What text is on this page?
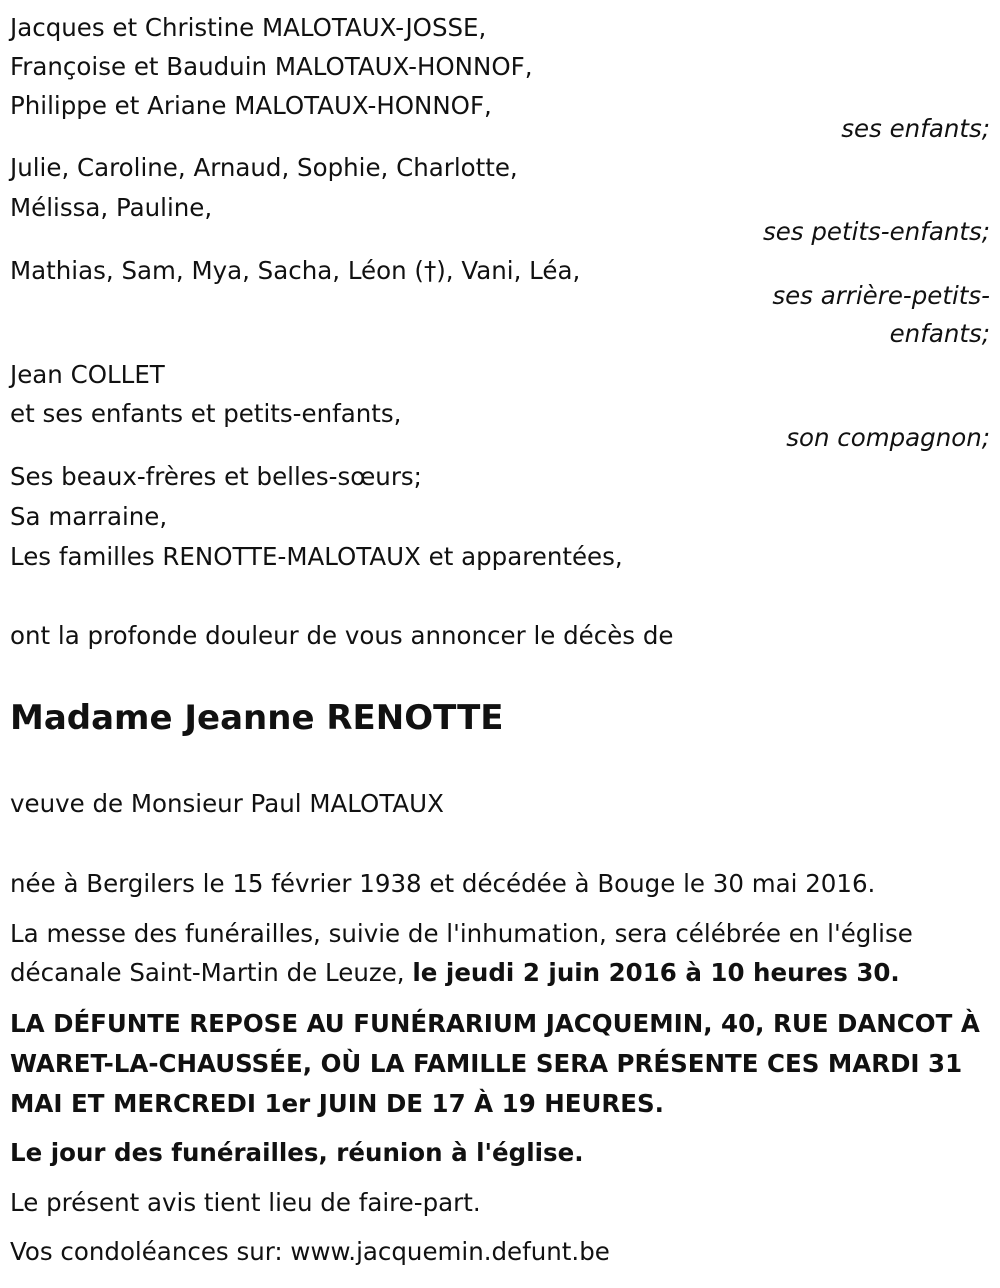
Jacques et Christine MALOTAUX-JOSSE,
Françoise et Bauduin MALOTAUX-HONNOF,
Philippe et Ariane MALOTAUX-HONNOF,
ses enfants;
Julie, Caroline, Arnaud, Sophie, Charlotte,
Mélissa, Pauline,
ses petits-enfants;
Mathias, Sam, Mya, Sacha, Léon (†), Vani, Léa,
ses arrière-petits-
enfants;
Jean COLLET
et ses enfants et petits-enfants,
son compagnon;
Ses beaux-frères et belles-sœurs;
Sa marraine,
Les familles RENOTTE-MALOTAUX et apparentées,
ont la profonde douleur de vous annoncer le décès de
Madame Jeanne RENOTTE
veuve de Monsieur Paul MALOTAUX
née à Bergilers le 15 février 1938 et décédée à Bouge le 30 mai 2016.
La messe des funérailles, suivie de l'inhumation, sera célébrée en l'église
décanale Saint-Martin de Leuze, le jeudi 2 juin 2016 à 10 heures 30.
LA DÉFUNTE REPOSE AU FUNÉRARIUM JACQUEMIN, 40, RUE DANCOT À
WARET-LA-CHAUSSÉE, OÙ LA FAMILLE SERA PRÉSENTE CES MARDI 31
MAI ET MERCREDI 1er JUIN DE 17 À 19 HEURES.
Le jour des funérailles, réunion à l'église.
Le présent avis tient lieu de faire-part.
Vos condoléances sur: www.jacquemin.defunt.be
